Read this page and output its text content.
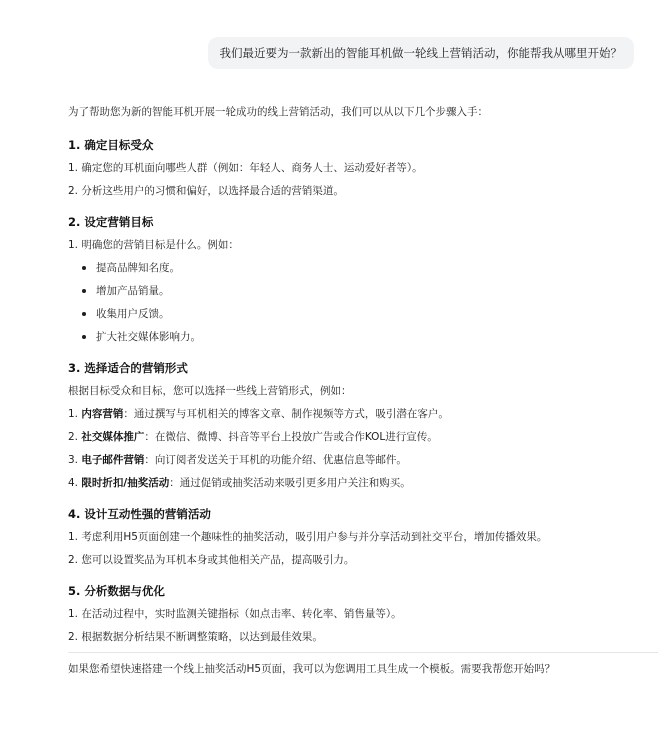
我们最近要为一款新出的智能耳机做一轮线上营销活动，你能帮我从哪里开始？

为了帮助您为新的智能耳机开展一轮成功的线上营销活动，我们可以从以下几个步骤入手：

1. 确定目标受众
1. 确定您的耳机面向哪些人群（例如：年轻人、商务人士、运动爱好者等）。
2. 分析这些用户的习惯和偏好，以选择最合适的营销渠道。
2. 设定营销目标
1. 明确您的营销目标是什么。例如：
提高品牌知名度。
增加产品销量。
收集用户反馈。
扩大社交媒体影响力。
3. 选择适合的营销形式
根据目标受众和目标，您可以选择一些线上营销形式，例如：
1. 内容营销：通过撰写与耳机相关的博客文章、制作视频等方式，吸引潜在客户。
2. 社交媒体推广：在微信、微博、抖音等平台上投放广告或合作KOL进行宣传。
3. 电子邮件营销：向订阅者发送关于耳机的功能介绍、优惠信息等邮件。
4. 限时折扣/抽奖活动：通过促销或抽奖活动来吸引更多用户关注和购买。
4. 设计互动性强的营销活动
1. 考虑利用H5页面创建一个趣味性的抽奖活动，吸引用户参与并分享活动到社交平台，增加传播效果。
2. 您可以设置奖品为耳机本身或其他相关产品，提高吸引力。
5. 分析数据与优化
1. 在活动过程中，实时监测关键指标（如点击率、转化率、销售量等）。
2. 根据数据分析结果不断调整策略，以达到最佳效果。

如果您希望快速搭建一个线上抽奖活动H5页面，我可以为您调用工具生成一个模板。需要我帮您开始吗？
